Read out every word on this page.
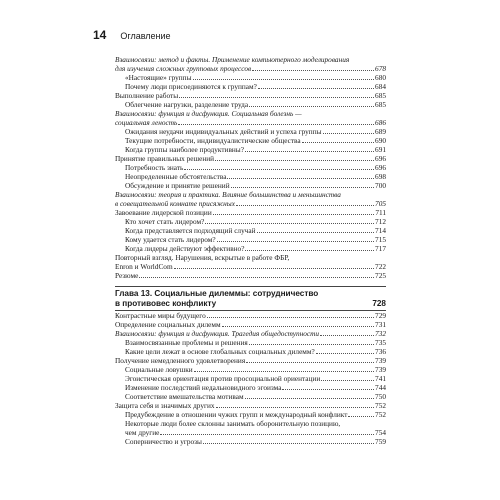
14 Оглавление
Взаимосвязи: метод и факты. Применение компьютерного моделирования
для изучения сложных групповых процессов	678
«Настоящие» группы	680
Почему люди присоединяются к группам?	684
Выполнение работы	685
Облегчение нагрузки, разделение труда	685
Взаимосвязи: функция и дисфункция. Социальная болезнь —
социальная леность	686
Ожидания неудачи индивидуальных действий и успеха группы	689
Текущие потребности, индивидуалистические общества	690
Когда группы наиболее продуктивны?	691
Принятие правильных решений	696
Потребность знать	696
Неопределенные обстоятельства	698
Обсуждение и принятие решений	700
Взаимосвязи: теория и практика. Влияние большинства и меньшинства
в совещательной комнате присяжных	705
Завоевание лидерской позиции	711
Кто хочет стать лидером?	712
Когда представляется подходящий случай	714
Кому удается стать лидером?	715
Когда лидеры действуют эффективно?	717
Повторный взгляд. Нарушения, вскрытые в работе ФБР,
Enron и WorldCom	722
Резюме	725
Глава 13. Социальные дилеммы: сотрудничество
в противовес конфликту	728
Контрастные миры будущего	729
Определение социальных дилемм	731
Взаимосвязи: функция и дисфункция. Трагедия общедоступности	732
Взаимосвязанные проблемы и решения	735
Какие цели лежат в основе глобальных социальных дилемм?	736
Получение немедленного удовлетворения	739
Социальные ловушки	739
Эгоистическая ориентация против просоциальной ориентации	741
Изменение последствий недальновидного эгоизма	744
Соответствие вмешательства мотивам	750
Защита себя и значимых других	752
Предубеждение в отношении чужих групп и международный конфликт	752
Некоторые люди более склонны занимать оборонительную позицию,
чем другие	754
Соперничество и угрозы	759
